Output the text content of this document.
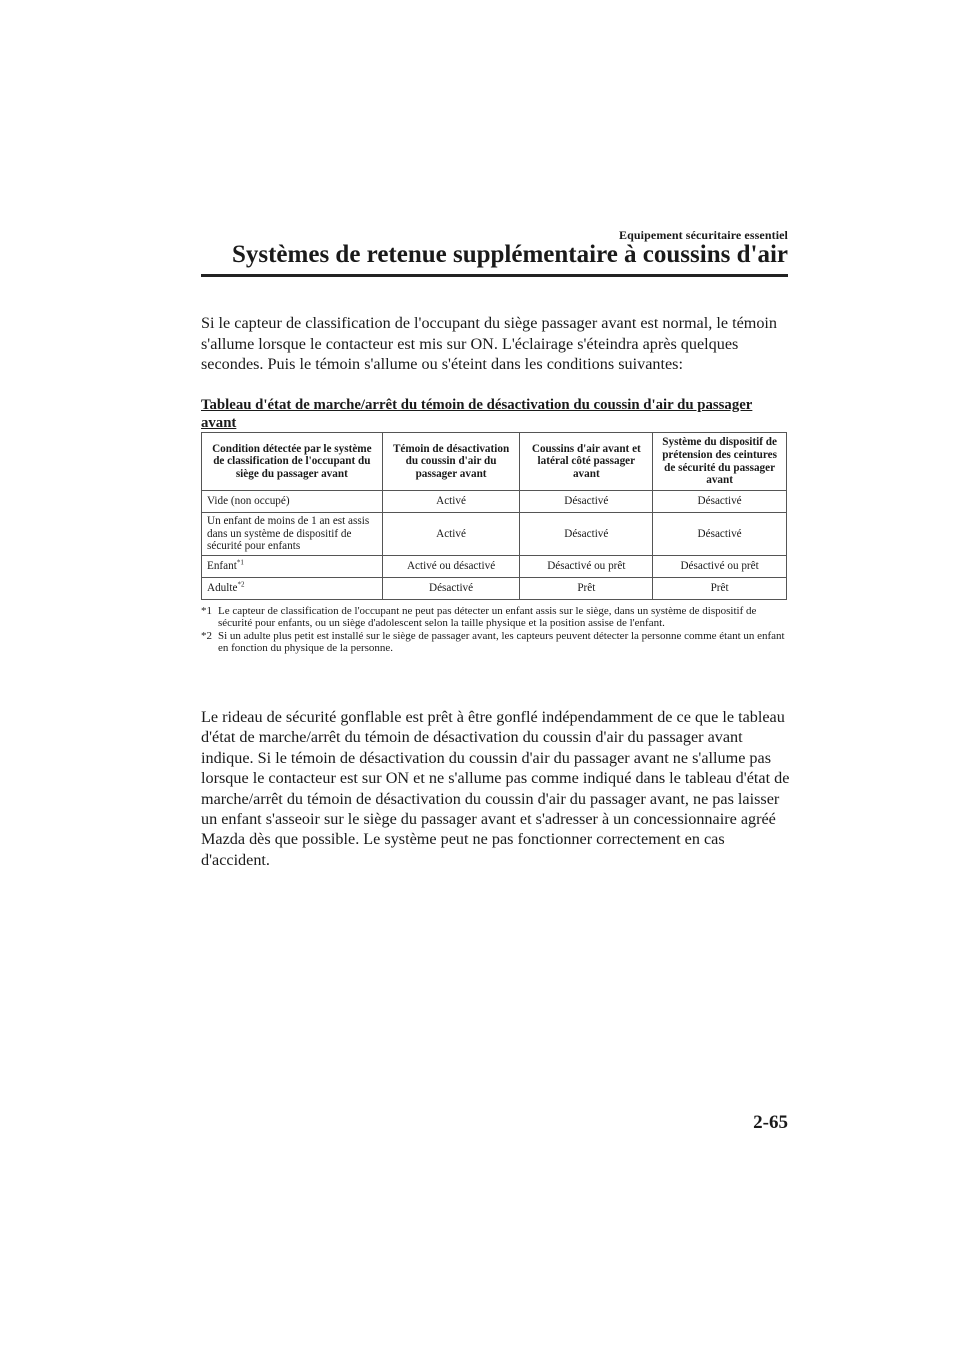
Equipement sécuritaire essentiel
Systèmes de retenue supplémentaire à coussins d'air

Si le capteur de classification de l'occupant du siège passager avant est normal, le témoin s'allume lorsque le contacteur est mis sur ON. L'éclairage s'éteindra après quelques secondes. Puis le témoin s'allume ou s'éteint dans les conditions suivantes:

Tableau d'état de marche/arrêt du témoin de désactivation du coussin d'air du passager avant

Condition détectée par le système de classification de l'occupant du siège du passager avant	Témoin de désactivation du coussin d'air du passager avant	Coussins d'air avant et latéral côté passager avant	Système du dispositif de prétension des ceintures de sécurité du passager avant
Vide (non occupé)	Activé	Désactivé	Désactivé
Un enfant de moins de 1 an est assis dans un système de dispositif de sécurité pour enfants	Activé	Désactivé	Désactivé
Enfant$^{*1}$	Activé ou désactivé	Désactivé ou prêt	Désactivé ou prêt
Adulte$^{*2}$	Désactivé	Prêt	Prêt
*1 Le capteur de classification de l'occupant ne peut pas détecter un enfant assis sur le siège, dans un système de dispositif de sécurité pour enfants, ou un siège d'adolescent selon la taille physique et la position assise de l'enfant.
*2 Si un adulte plus petit est installé sur le siège de passager avant, les capteurs peuvent détecter la personne comme étant un enfant en fonction du physique de la personne.

Le rideau de sécurité gonflable est prêt à être gonflé indépendamment de ce que le tableau d'état de marche/arrêt du témoin de désactivation du coussin d'air du passager avant indique. Si le témoin de désactivation du coussin d'air du passager avant ne s'allume pas lorsque le contacteur est sur ON et ne s'allume pas comme indiqué dans le tableau d'état de marche/arrêt du témoin de désactivation du coussin d'air du passager avant, ne pas laisser un enfant s'asseoir sur le siège du passager avant et s'adresser à un concessionnaire agréé Mazda dès que possible. Le système peut ne pas fonctionner correctement en cas d'accident.

2-65
